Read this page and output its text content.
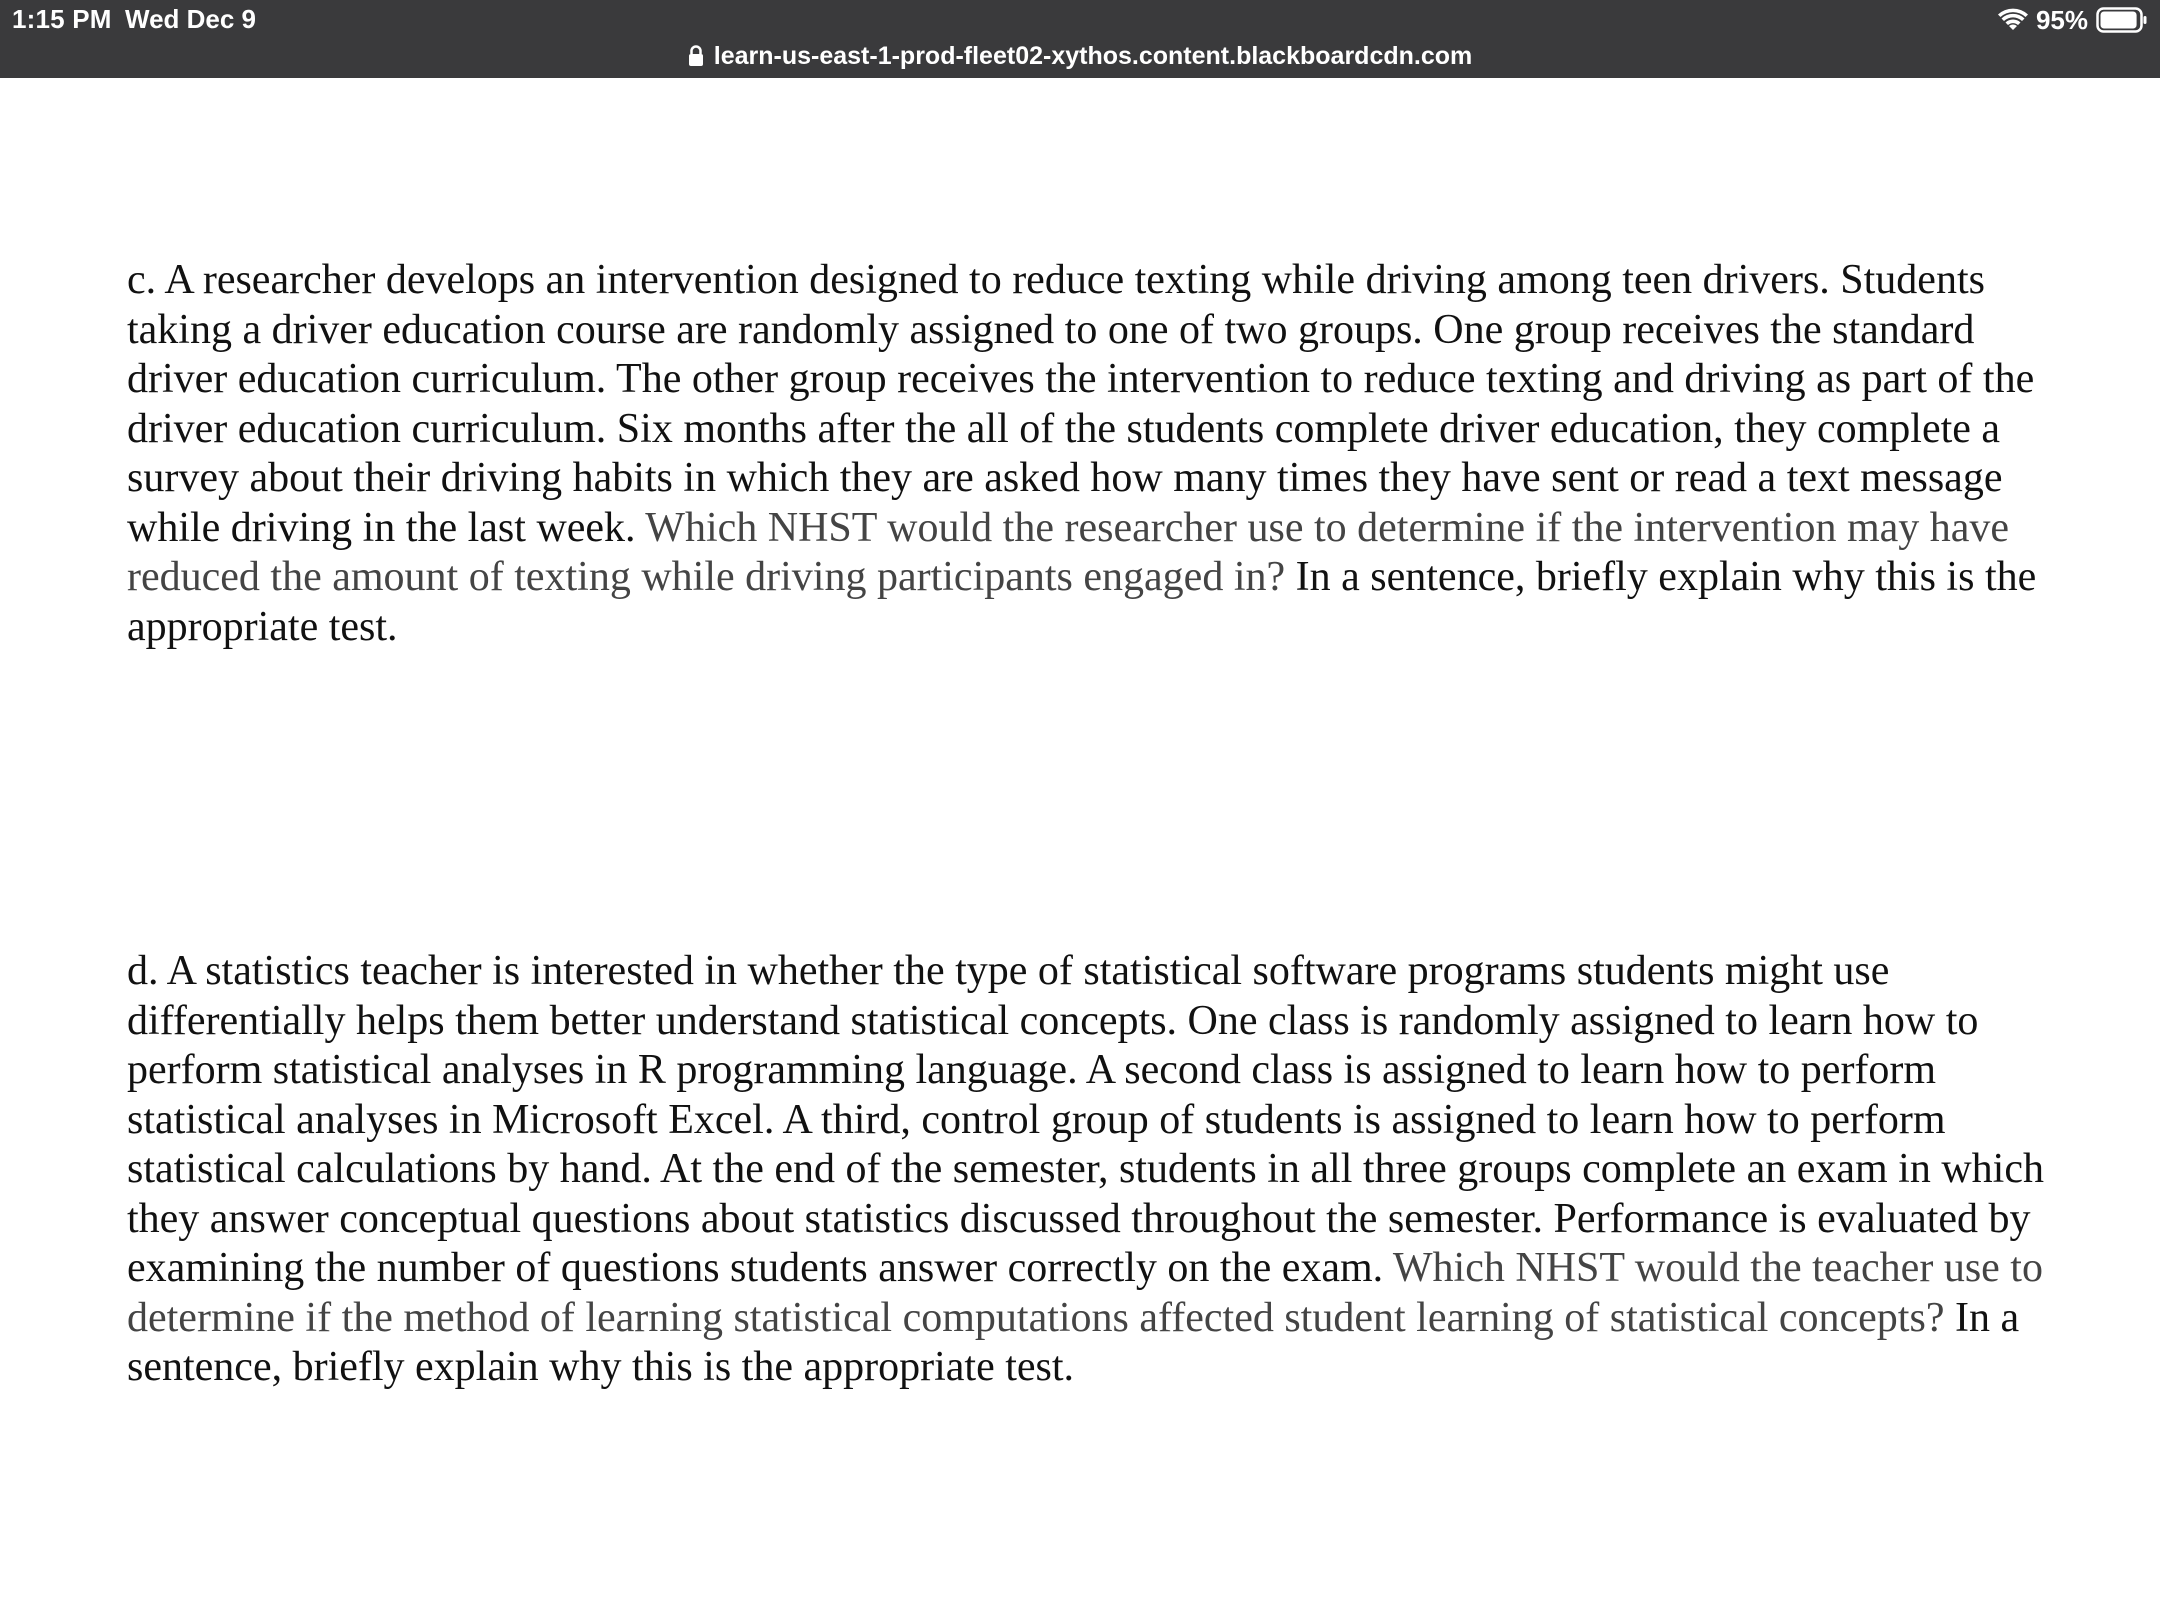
1:15 PM Wed Dec 9	95%
learn-us-east-1-prod-fleet02-xythos.content.blackboardcdn.com

c. A researcher develops an intervention designed to reduce texting while driving among teen drivers. Students taking a driver education course are randomly assigned to one of two groups. One group receives the standard driver education curriculum. The other group receives the intervention to reduce texting and driving as part of the driver education curriculum. Six months after the all of the students complete driver education, they complete a survey about their driving habits in which they are asked how many times they have sent or read a text message while driving in the last week. Which NHST would the researcher use to determine if the intervention may have reduced the amount of texting while driving participants engaged in? In a sentence, briefly explain why this is the appropriate test.

d. A statistics teacher is interested in whether the type of statistical software programs students might use differentially helps them better understand statistical concepts. One class is randomly assigned to learn how to perform statistical analyses in R programming language. A second class is assigned to learn how to perform statistical analyses in Microsoft Excel. A third, control group of students is assigned to learn how to perform statistical calculations by hand. At the end of the semester, students in all three groups complete an exam in which they answer conceptual questions about statistics discussed throughout the semester. Performance is evaluated by examining the number of questions students answer correctly on the exam. Which NHST would the teacher use to determine if the method of learning statistical computations affected student learning of statistical concepts? In a sentence, briefly explain why this is the appropriate test.
